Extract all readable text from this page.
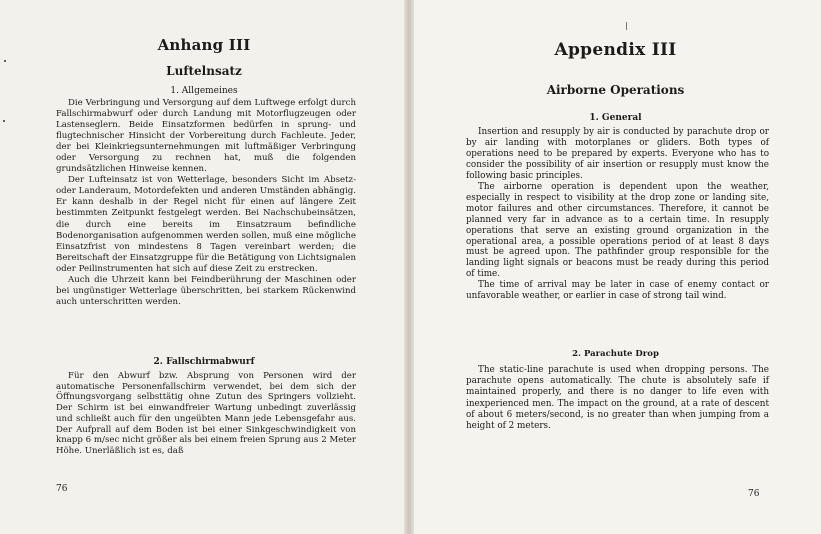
Anhang III
Luftelnsatz
1. Allgemeines

Die Verbringung und Versorgung auf dem Luftwege erfolgt durch Fallschirmabwurf oder durch Landung mit Motorflugzeugen oder Lastenseglern. Beide Einsatzformen bedürfen in sprung- und flugtechnischer Hinsicht der Vorbereitung durch Fachleute. Jeder, der bei Kleinkriegsunternehmungen mit luftmäßiger Verbringung oder Versorgung zu rechnen hat, muß die folgenden grundsätzlichen Hinweise kennen.

Der Lufteinsatz ist von Wetterlage, besonders Sicht im Absetz- oder Landeraum, Motordefekten und anderen Umständen abhängig. Er kann deshalb in der Regel nicht für einen auf längere Zeit bestimmten Zeitpunkt festgelegt werden. Bei Nachschubeinsätzen, die durch eine bereits im Einsatzraum befindliche Bodenorganisation aufgenommen werden sollen, muß eine mögliche Einsatzfrist von mindestens 8 Tagen vereinbart werden; die Bereitschaft der Einsatzgruppe für die Betätigung von Lichtsignalen oder Peilinstrumenten hat sich auf diese Zeit zu erstrecken.

Auch die Uhrzeit kann bei Feindberührung der Maschinen oder bei ungünstiger Wetterlage überschritten, bei starkem Rückenwind auch unterschritten werden.

2. Fallschirmabwurf

Für den Abwurf bzw. Absprung von Personen wird der automatische Personenfallschirm verwendet, bei dem sich der Öffnungsvorgang selbsttätig ohne Zutun des Springers vollzieht. Der Schirm ist bei einwandfreier Wartung unbedingt zuverlässig und schließt auch für den ungeübten Mann jede Lebensgefahr aus. Der Aufprall auf dem Boden ist bei einer Sinkgeschwindigkeit von knapp 6 m/sec nicht größer als bei einem freien Sprung aus 2 Meter Höhe. Unerläßlich ist es, daß

76
Appendix III
Airborne Operations
1. General

Insertion and resupply by air is conducted by parachute drop or by air landing with motorplanes or gliders. Both types of operations need to be prepared by experts. Everyone who has to consider the possibility of air insertion or resupply must know the following basic principles.

The airborne operation is dependent upon the weather, especially in respect to visibility at the drop zone or landing site, motor failures and other circumstances. Therefore, it cannot be planned very far in advance as to a certain time. In resupply operations that serve an existing ground organization in the operational area, a possible operations period of at least 8 days must be agreed upon. The pathfinder group responsible for the landing light signals or beacons must be ready during this period of time.

The time of arrival may be later in case of enemy contact or unfavorable weather, or earlier in case of strong tail wind.

2. Parachute Drop

The static-line parachute is used when dropping persons. The parachute opens automatically. The chute is absolutely safe if maintained properly, and there is no danger to life even with inexperienced men. The impact on the ground, at a rate of descent of about 6 meters/second, is no greater than when jumping from a height of 2 meters.

76
